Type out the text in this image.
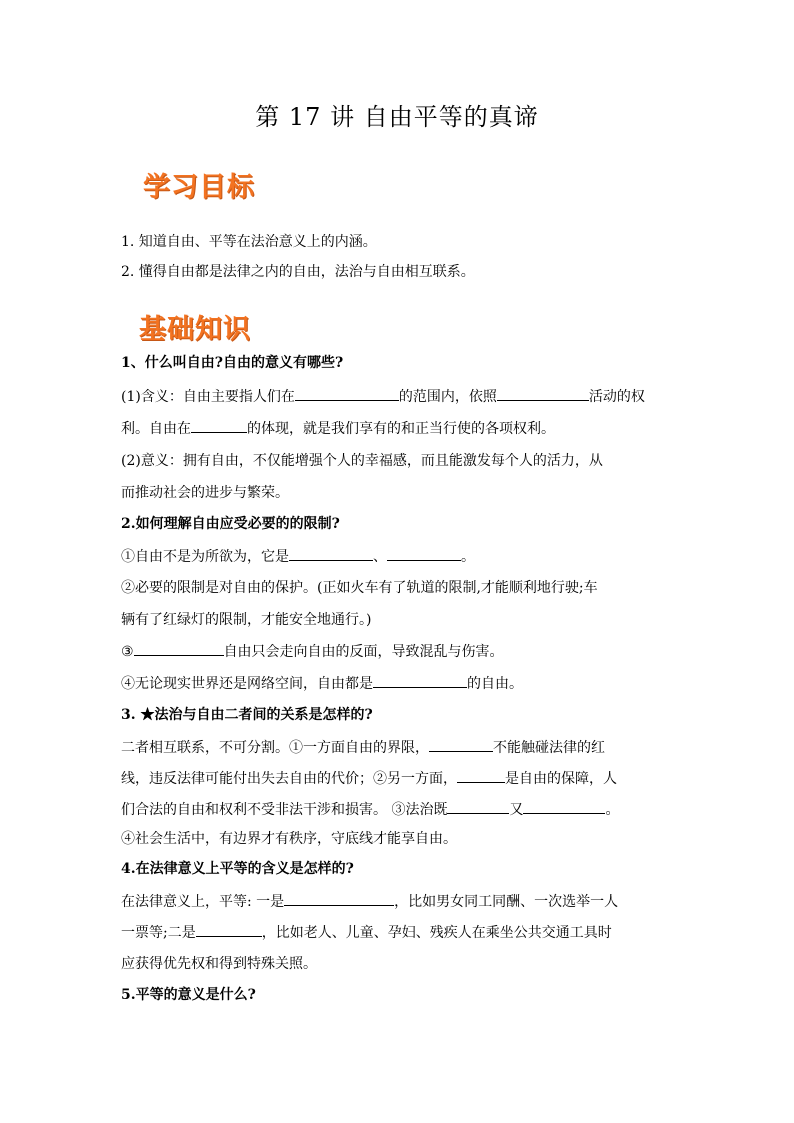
第 17 讲 自由平等的真谛
学习目标
1. 知道自由、平等在法治意义上的内涵。
2. 懂得自由都是法律之内的自由，法治与自由相互联系。
基础知识
1、什么叫自由?自由的意义有哪些?
(1)含义：自由主要指人们在	的范围内，依照	活动的权
利。自由在	的体现，就是我们享有的和正当行使的各项权利。
(2)意义：拥有自由，不仅能增强个人的幸福感，而且能激发每个人的活力，从
而推动社会的进步与繁荣。
2.如何理解自由应受必要的的限制?
①自由不是为所欲为，它是	、	。
②必要的限制是对自由的保护。(正如火车有了轨道的限制,才能顺利地行驶;车
辆有了红绿灯的限制，才能安全地通行。)
③	自由只会走向自由的反面，导致混乱与伤害。
④无论现实世界还是网络空间，自由都是	的自由。
3. ★法治与自由二者间的关系是怎样的?
二者相互联系，不可分割。①一方面自由的界限，	不能触碰法律的红
线，违反法律可能付出失去自由的代价；②另一方面，	是自由的保障，人
们合法的自由和权利不受非法干涉和损害。 ③法治既	又	。
④社会生活中，有边界才有秩序，守底线才能享自由。
4.在法律意义上平等的含义是怎样的?
在法律意义上，平等: 一是	，比如男女同工同酬、一次选举一人
一票等;二是	，比如老人、儿童、孕妇、残疾人在乘坐公共交通工具时
应获得优先权和得到特殊关照。
5.平等的意义是什么?
